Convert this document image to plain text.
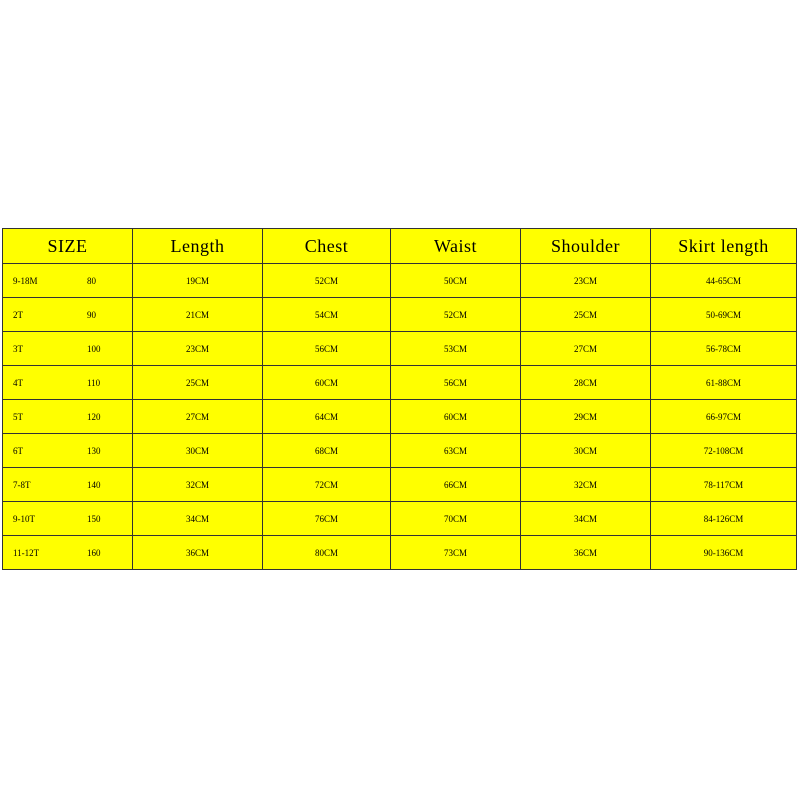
SIZE	Length	Chest	Waist	Shoulder	Skirt length

9-18M 80	19CM	52CM	50CM	23CM	44-65CM

2T 90	21CM	54CM	52CM	25CM	50-69CM

3T 100	23CM	56CM	53CM	27CM	56-78CM

4T 110	25CM	60CM	56CM	28CM	61-88CM

5T 120	27CM	64CM	60CM	29CM	66-97CM

6T 130	30CM	68CM	63CM	30CM	72-108CM

7-8T 140	32CM	72CM	66CM	32CM	78-117CM

9-10T 150	34CM	76CM	70CM	34CM	84-126CM

11-12T 160	36CM	80CM	73CM	36CM	90-136CM
